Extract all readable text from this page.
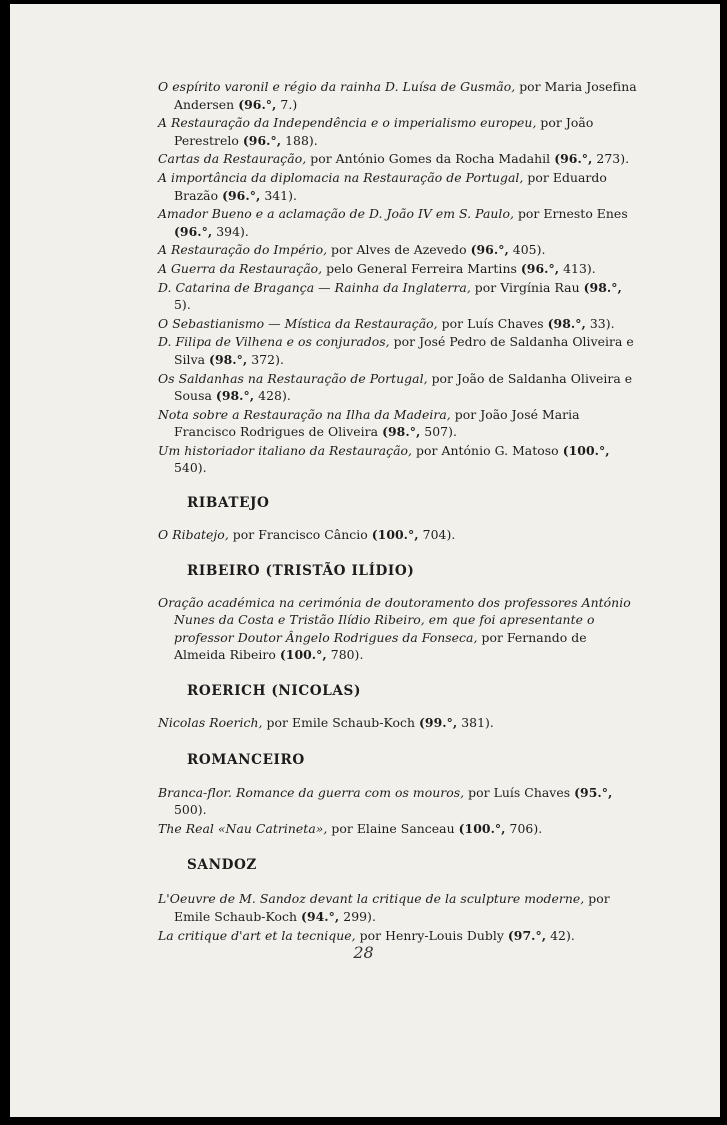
O espírito varonil e régio da rainha D. Luísa de Gusmão, por Maria Josefina Andersen (96.°, 7.)

A Restauração da Independência e o imperialismo europeu, por João Perestrelo (96.°, 188).

Cartas da Restauração, por António Gomes da Rocha Madahil (96.°, 273).

A importância da diplomacia na Restauração de Portugal, por Eduardo Brazão (96.°, 341).

Amador Bueno e a aclamação de D. João IV em S. Paulo, por Ernesto Enes (96.°, 394).

A Restauração do Império, por Alves de Azevedo (96.°, 405).

A Guerra da Restauração, pelo General Ferreira Martins (96.°, 413).

D. Catarina de Bragança — Rainha da Inglaterra, por Virgínia Rau (98.°, 5).

O Sebastianismo — Mística da Restauração, por Luís Chaves (98.°, 33).

D. Filipa de Vilhena e os conjurados, por José Pedro de Saldanha Oliveira e Silva (98.°, 372).

Os Saldanhas na Restauração de Portugal, por João de Saldanha Oliveira e Sousa (98.°, 428).

Nota sobre a Restauração na Ilha da Madeira, por João José Maria Francisco Rodrigues de Oliveira (98.°, 507).

Um historiador italiano da Restauração, por António G. Matoso (100.°, 540).

RIBATEJO

O Ribatejo, por Francisco Câncio (100.°, 704).

RIBEIRO (TRISTÃO ILÍDIO)

Oração académica na cerimónia de doutoramento dos professores António Nunes da Costa e Tristão Ilídio Ribeiro, em que foi apresentante o professor Doutor Ângelo Rodrigues da Fonseca, por Fernando de Almeida Ribeiro (100.°, 780).

ROERICH (NICOLAS)

Nicolas Roerich, por Emile Schaub-Koch (99.°, 381).

ROMANCEIRO

Branca-flor. Romance da guerra com os mouros, por Luís Chaves (95.°, 500).

The Real «Nau Catrineta», por Elaine Sanceau (100.°, 706).

SANDOZ

L'Oeuvre de M. Sandoz devant la critique de la sculpture moderne, por Emile Schaub-Koch (94.°, 299).

La critique d'art et la tecnique, por Henry-Louis Dubly (97.°, 42).

28
